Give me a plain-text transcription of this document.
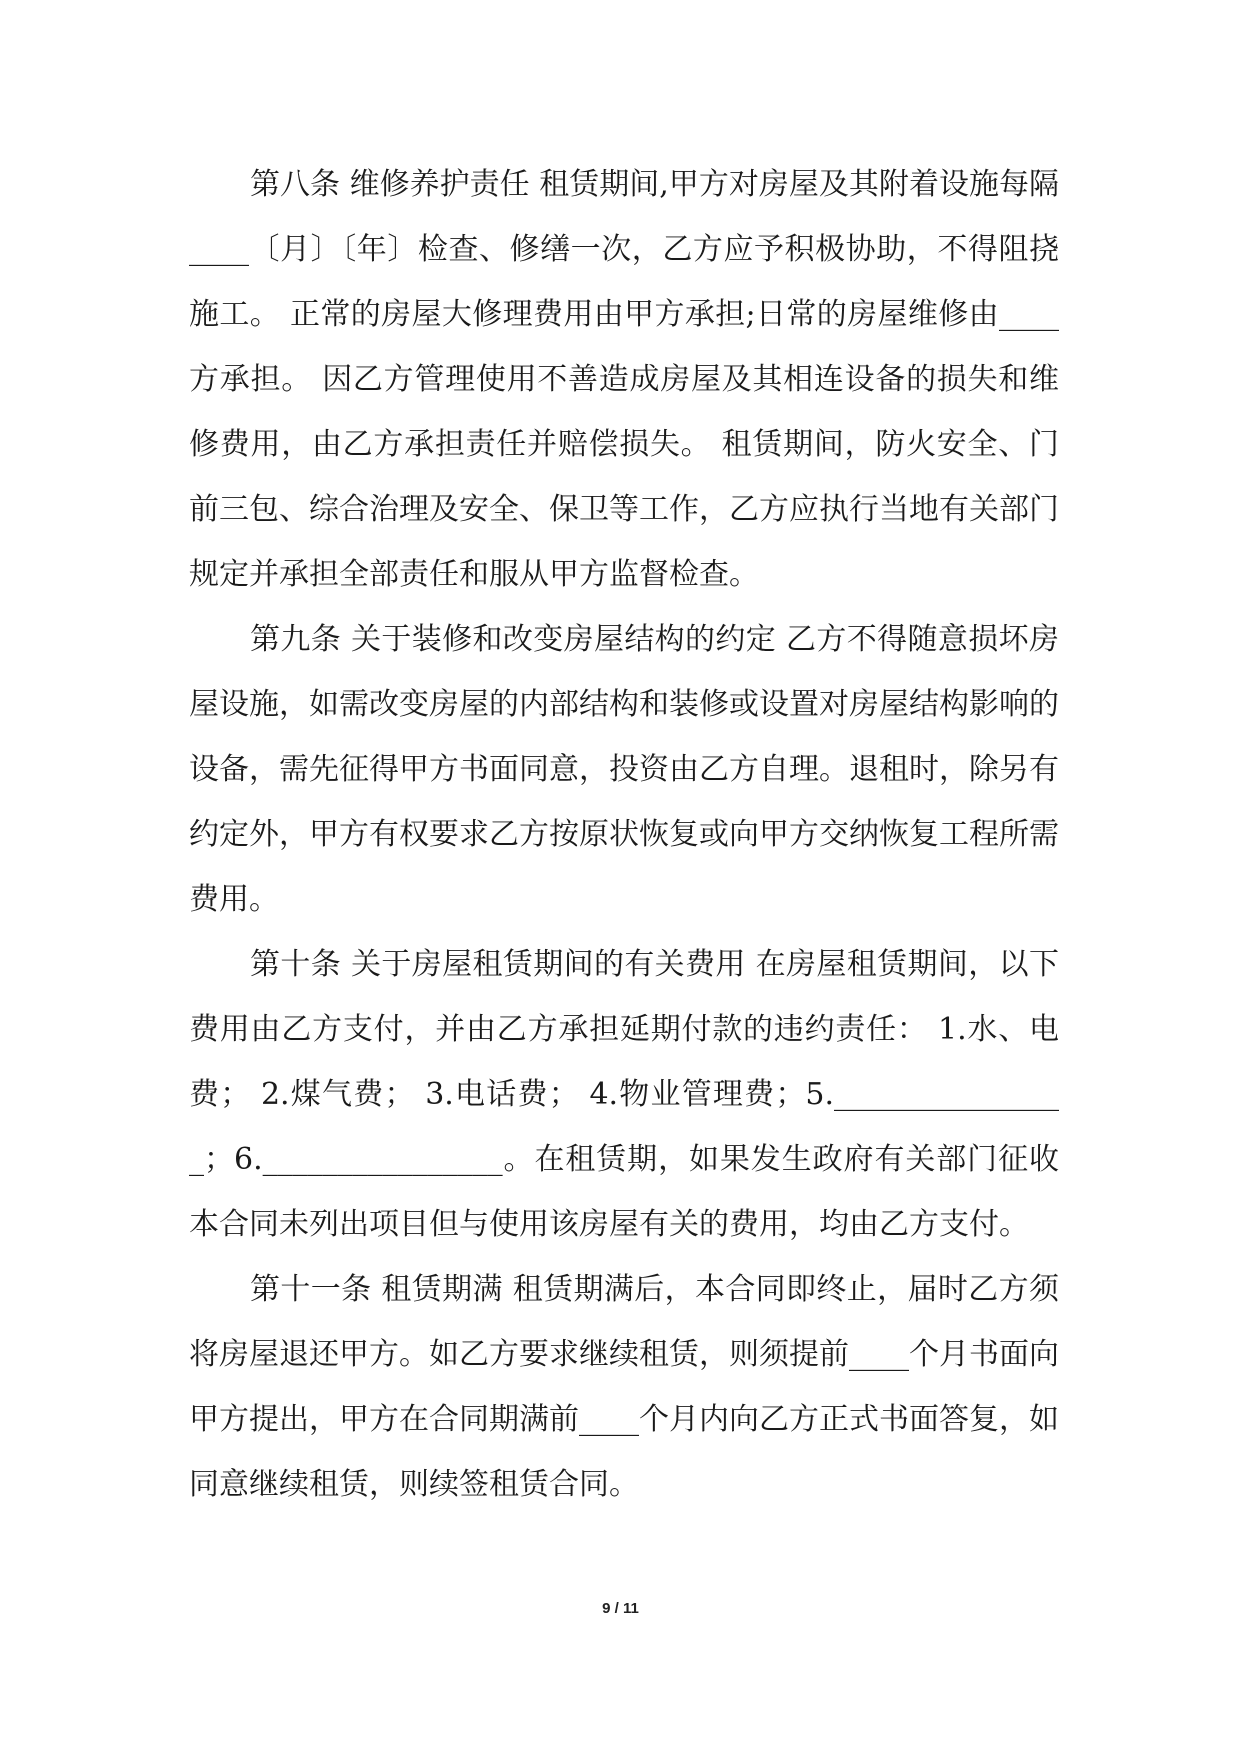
第八条 维修养护责任 租赁期间,甲方对房屋及其附着设施每隔 ____〔月〕〔年〕检查、修缮一次，乙方应予积极协助，不得阻挠施工。 正常的房屋大修理费用由甲方承担;日常的房屋维修由____方承担。 因乙方管理使用不善造成房屋及其相连设备的损失和维修费用，由乙方承担责任并赔偿损失。 租赁期间，防火安全、门前三包、综合治理及安全、保卫等工作，乙方应执行当地有关部门规定并承担全部责任和服从甲方监督检查。

第九条 关于装修和改变房屋结构的约定 乙方不得随意损坏房屋设施，如需改变房屋的内部结构和装修或设置对房屋结构影响的设备，需先征得甲方书面同意，投资由乙方自理。退租时，除另有约定外，甲方有权要求乙方按原状恢复或向甲方交纳恢复工程所需费用。

第十条 关于房屋租赁期间的有关费用 在房屋租赁期间，以下费用由乙方支付，并由乙方承担延期付款的违约责任： 1.水、电费； 2.煤气费； 3.电话费； 4.物业管理费；5.________________；6.________________。在租赁期，如果发生政府有关部门征收本合同未列出项目但与使用该房屋有关的费用，均由乙方支付。

第十一条 租赁期满 租赁期满后，本合同即终止，届时乙方须将房屋退还甲方。如乙方要求继续租赁，则须提前____个月书面向甲方提出，甲方在合同期满前____个月内向乙方正式书面答复，如同意继续租赁，则续签租赁合同。

9 / 11
